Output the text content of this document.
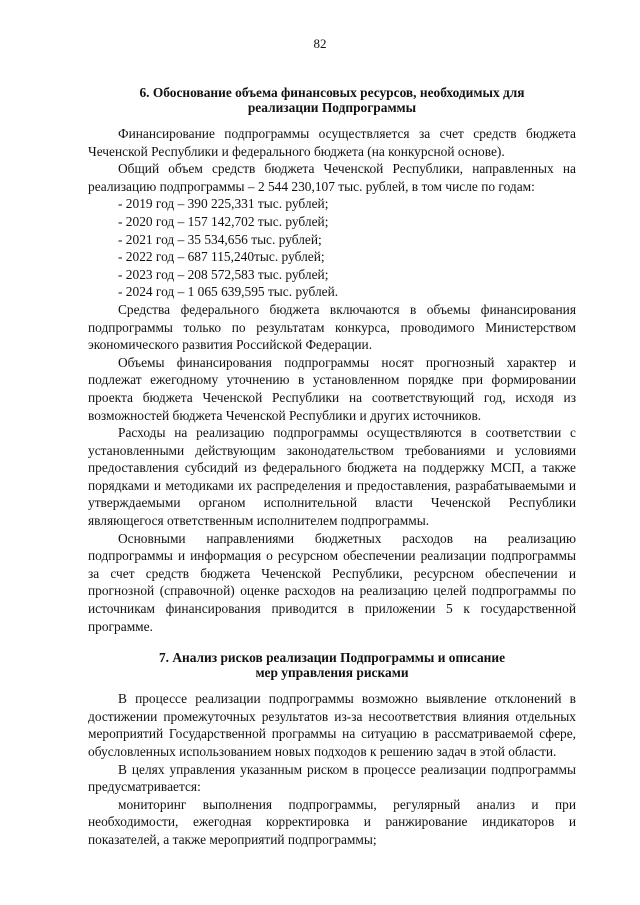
82
6. Обоснование объема финансовых ресурсов, необходимых для
реализации Подпрограммы

Финансирование подпрограммы осуществляется за счет средств бюджета Чеченской Республики и федерального бюджета (на конкурсной основе).

Общий объем средств бюджета Чеченской Республики, направленных на реализацию подпрограммы – 2 544 230,107 тыс. рублей, в том числе по годам:

- 2019 год – 390 225,331 тыс. рублей;

- 2020 год – 157 142,702 тыс. рублей;

- 2021 год – 35 534,656 тыс. рублей;

- 2022 год – 687 115,240тыс. рублей;

- 2023 год – 208 572,583 тыс. рублей;

- 2024 год – 1 065 639,595 тыс. рублей.

Средства федерального бюджета включаются в объемы финансирования подпрограммы только по результатам конкурса, проводимого Министерством экономического развития Российской Федерации.

Объемы финансирования подпрограммы носят прогнозный характер и подлежат ежегодному уточнению в установленном порядке при формировании проекта бюджета Чеченской Республики на соответствующий год, исходя из возможностей бюджета Чеченской Республики и других источников.

Расходы на реализацию подпрограммы осуществляются в соответствии с установленными действующим законодательством требованиями и условиями предоставления субсидий из федерального бюджета на поддержку МСП, а также порядками и методиками их распределения и предоставления, разрабатываемыми и утверждаемыми органом исполнительной власти Чеченской Республики являющегося ответственным исполнителем подпрограммы.

Основными направлениями бюджетных расходов на реализацию подпрограммы и информация о ресурсном обеспечении реализации подпрограммы за счет средств бюджета Чеченской Республики, ресурсном обеспечении и прогнозной (справочной) оценке расходов на реализацию целей подпрограммы по источникам финансирования приводится в приложении 5 к государственной программе.

7. Анализ рисков реализации Подпрограммы и описание
мер управления рисками

В процессе реализации подпрограммы возможно выявление отклонений в достижении промежуточных результатов из-за несоответствия влияния отдельных мероприятий Государственной программы на ситуацию в рассматриваемой сфере, обусловленных использованием новых подходов к решению задач в этой области.

В целях управления указанным риском в процессе реализации подпрограммы предусматривается:

мониторинг выполнения подпрограммы, регулярный анализ и при необходимости, ежегодная корректировка и ранжирование индикаторов и показателей, а также мероприятий подпрограммы;
